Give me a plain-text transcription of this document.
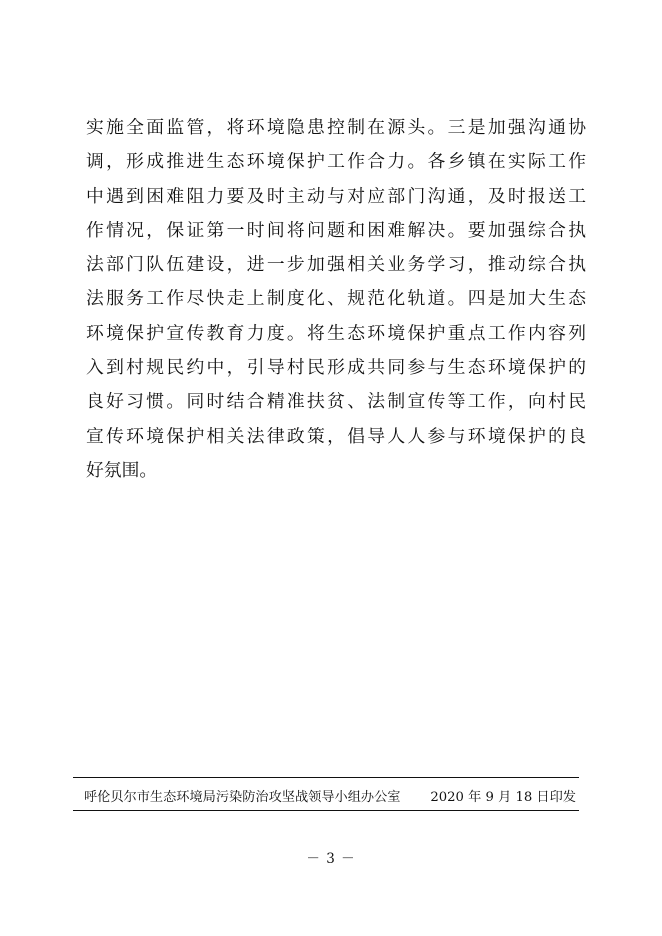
实施全面监管，将环境隐患控制在源头。三是加强沟通协
调，形成推进生态环境保护工作合力。各乡镇在实际工作
中遇到困难阻力要及时主动与对应部门沟通，及时报送工
作情况，保证第一时间将问题和困难解决。要加强综合执
法部门队伍建设，进一步加强相关业务学习，推动综合执
法服务工作尽快走上制度化、规范化轨道。四是加大生态
环境保护宣传教育力度。将生态环境保护重点工作内容列
入到村规民约中，引导村民形成共同参与生态环境保护的
良好习惯。同时结合精准扶贫、法制宣传等工作，向村民
宣传环境保护相关法律政策，倡导人人参与环境保护的良
好氛围。
呼伦贝尔市生态环境局污染防治攻坚战领导小组办公室 2020 年 9 月 18 日印发
－ 3 －
